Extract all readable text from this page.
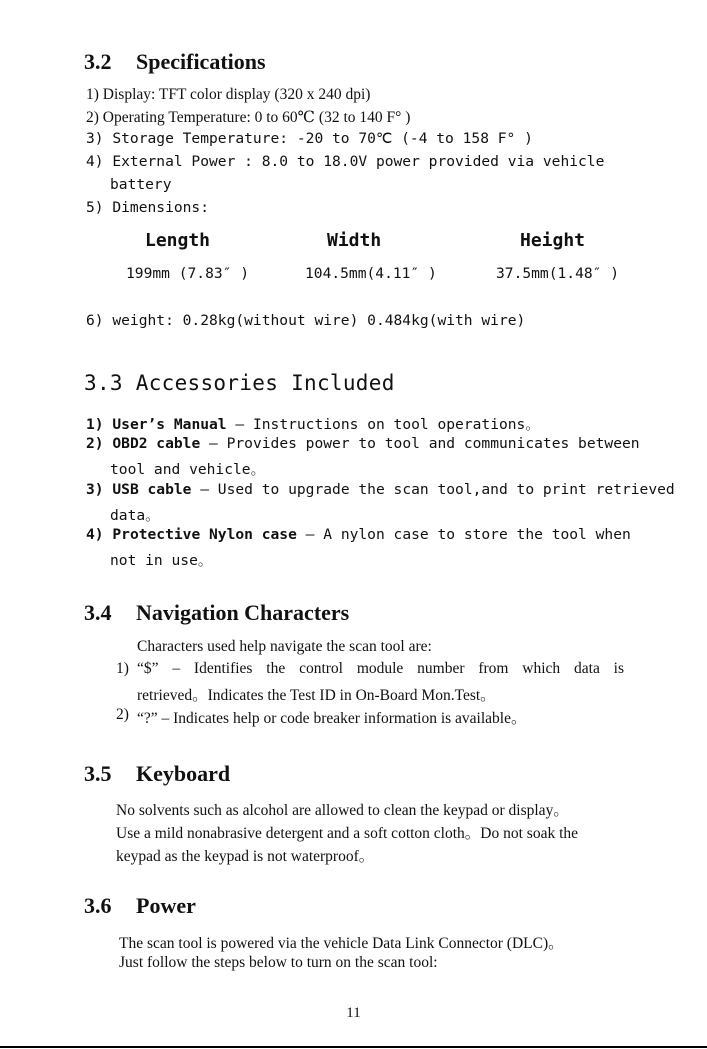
3.2 Specifications
1) Display: TFT color display (320 x 240 dpi)
2) Operating Temperature: 0 to 60℃ (32 to 140 F° )
3) Storage Temperature: -20 to 70℃ (-4 to 158 F° )
4) External Power : 8.0 to 18.0V power provided via vehicle
battery
5) Dimensions:
Length	Width	Height
199mm (7.83″ )	104.5mm(4.11″ )	37.5mm(1.48″ )
6) weight: 0.28kg(without wire) 0.484kg(with wire)
3.3 Accessories Included
1) User’s Manual – Instructions on tool operations。
2) OBD2 cable – Provides power to tool and communicates between
tool and vehicle。
3) USB cable – Used to upgrade the scan tool,and to print retrieved
data。
4) Protective Nylon case – A nylon case to store the tool when
not in use。
3.4 Navigation Characters
Characters used help navigate the scan tool are:
1) “$” – Identifies the control module number from which data is
retrieved。Indicates the Test ID in On-Board Mon.Test。
2) “?” – Indicates help or code breaker information is available。
3.5 Keyboard
No solvents such as alcohol are allowed to clean the keypad or display。
Use a mild nonabrasive detergent and a soft cotton cloth。Do not soak the
keypad as the keypad is not waterproof。
3.6 Power
The scan tool is powered via the vehicle Data Link Connector (DLC)。
Just follow the steps below to turn on the scan tool:
11
